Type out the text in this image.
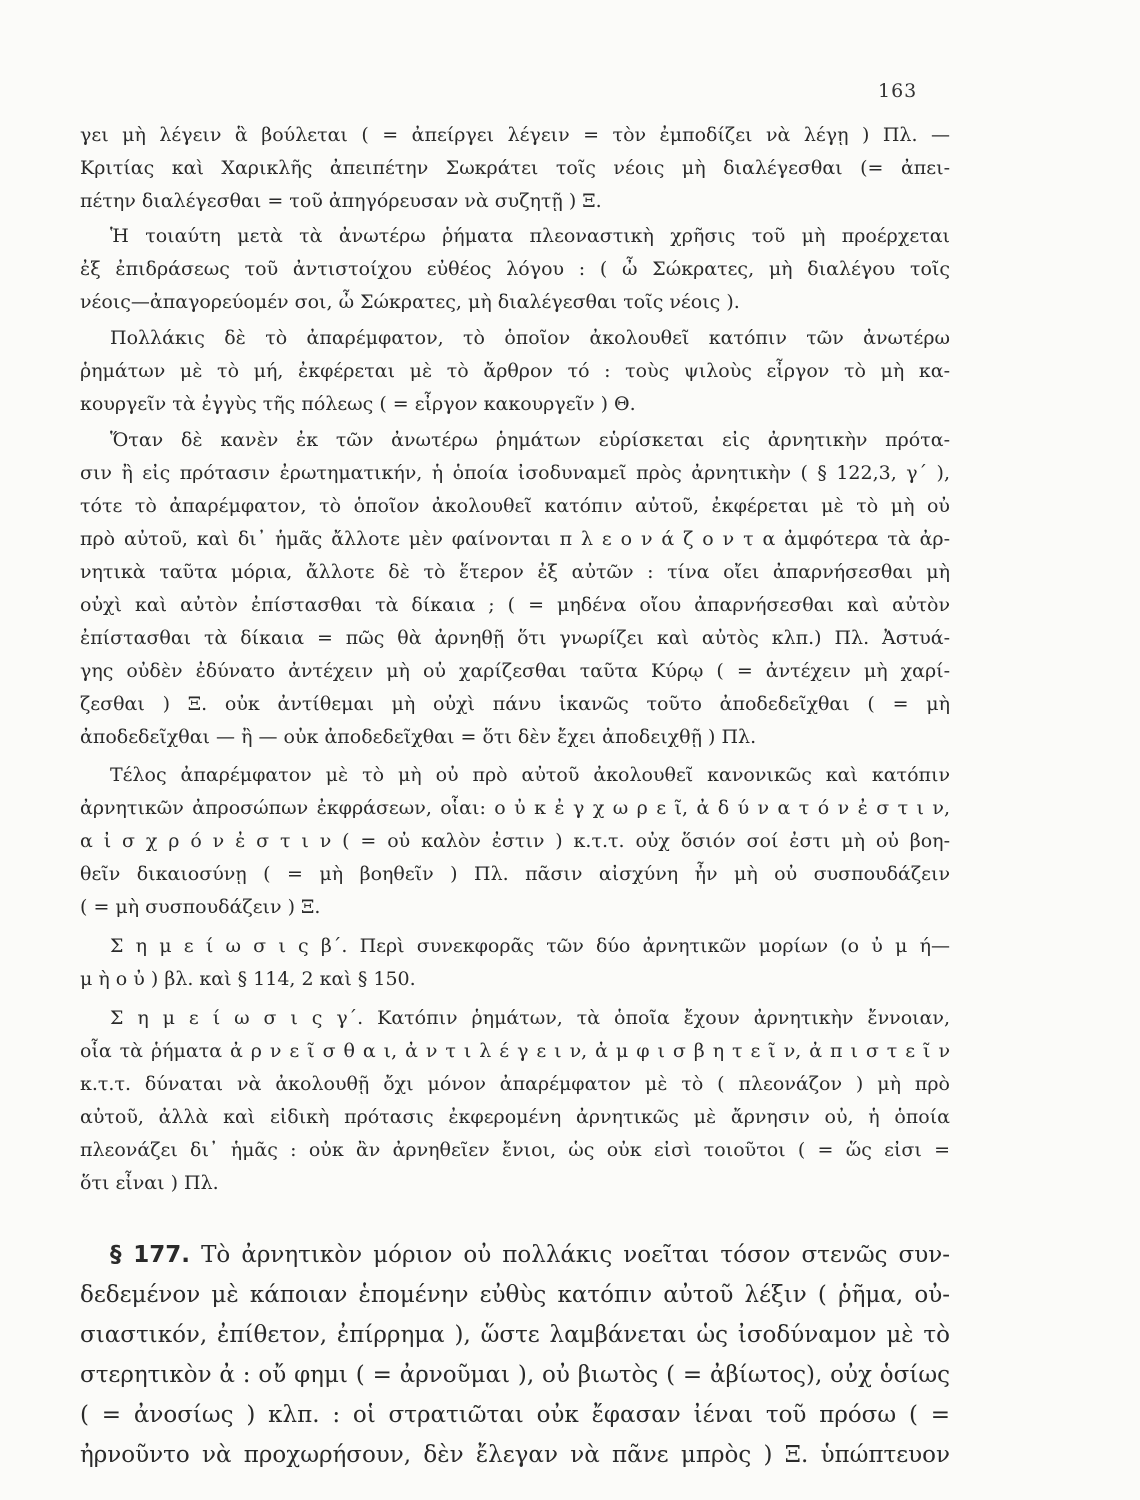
163
γει μὴ λέγειν ἃ βούλεται ( = ἀπείργει λέγειν = τὸν ἐμποδίζει νὰ λέγῃ ) Πλ. —
Κριτίας καὶ Χαρικλῆς ἀπειπέτην Σωκράτει τοῖς νέοις μὴ διαλέγεσθαι (= ἀπει-
πέτην διαλέγεσθαι = τοῦ ἀπηγόρευσαν νὰ συζητῇ ) Ξ.
Ἡ τοιαύτη μετὰ τὰ ἀνωτέρω ῥήματα πλεοναστικὴ χρῆσις τοῦ μὴ προέρχεται
ἐξ ἐπιδράσεως τοῦ ἀντιστοίχου εὐθέος λόγου : ( ὦ Σώκρατες, μὴ διαλέγου τοῖς
νέοις—ἀπαγορεύομέν σοι, ὦ Σώκρατες, μὴ διαλέγεσθαι τοῖς νέοις ).
Πολλάκις δὲ τὸ ἀπαρέμφατον, τὸ ὁποῖον ἀκολουθεῖ κατόπιν τῶν ἀνωτέρω
ῥημάτων μὲ τὸ μή, ἐκφέρεται μὲ τὸ ἄρθρον τό : τοὺς ψιλοὺς εἶργον τὸ μὴ κα-
κουργεῖν τὰ ἐγγὺς τῆς πόλεως ( = εἶργον κακουργεῖν ) Θ.
Ὅταν δὲ κανὲν ἐκ τῶν ἀνωτέρω ῥημάτων εὑρίσκεται εἰς ἀρνητικὴν πρότα-
σιν ἢ εἰς πρότασιν ἐρωτηματικήν, ἡ ὁποία ἰσοδυναμεῖ πρὸς ἀρνητικὴν ( § 122,3, γ΄ ),
τότε τὸ ἀπαρέμφατον, τὸ ὁποῖον ἀκολουθεῖ κατόπιν αὐτοῦ, ἐκφέρεται μὲ τὸ μὴ οὐ
πρὸ αὐτοῦ, καὶ δι᾽ ἡμᾶς ἄλλοτε μὲν φαίνονται π λ ε ο ν ά ζ ο ν τ α ἀμφότερα τὰ ἀρ-
νητικὰ ταῦτα μόρια, ἄλλοτε δὲ τὸ ἕτερον ἐξ αὐτῶν : τίνα οἴει ἀπαρνήσεσθαι μὴ
οὐχὶ καὶ αὐτὸν ἐπίστασθαι τὰ δίκαια ; ( = μηδένα οἴου ἀπαρνήσεσθαι καὶ αὐτὸν
ἐπίστασθαι τὰ δίκαια = πῶς θὰ ἀρνηθῇ ὅτι γνωρίζει καὶ αὐτὸς κλπ.) Πλ. Ἀστυά-
γης οὐδὲν ἐδύνατο ἀντέχειν μὴ οὐ χαρίζεσθαι ταῦτα Κύρῳ ( = ἀντέχειν μὴ χαρί-
ζεσθαι ) Ξ. οὐκ ἀντίθεμαι μὴ οὐχὶ πάνυ ἱκανῶς τοῦτο ἀποδεδεῖχθαι ( = μὴ
ἀποδεδεῖχθαι — ἢ — οὐκ ἀποδεδεῖχθαι = ὅτι δὲν ἔχει ἀποδειχθῇ ) Πλ.
Τέλος ἀπαρέμφατον μὲ τὸ μὴ οὐ πρὸ αὐτοῦ ἀκολουθεῖ κανονικῶς καὶ κατόπιν
ἀρνητικῶν ἀπροσώπων ἐκφράσεων, οἷαι: ο ὐ κ ἐ γ χ ω ρ ε ῖ, ἀ δ ύ ν α τ ό ν ἐ σ τ ι ν,
α ἰ σ χ ρ ό ν ἐ σ τ ι ν ( = οὐ καλὸν ἐστιν ) κ.τ.τ. οὐχ ὅσιόν σοί ἐστι μὴ οὐ βοη-
θεῖν δικαιοσύνῃ ( = μὴ βοηθεῖν ) Πλ. πᾶσιν αἰσχύνη ἦν μὴ οὐ συσπουδάζειν
( = μὴ συσπουδάζειν ) Ξ.
Σ η μ ε ί ω σ ι ς β΄. Περὶ συνεκφορᾶς τῶν δύο ἀρνητικῶν μορίων (ο ὐ μ ή—
μ ὴ ο ὐ ) βλ. καὶ § 114, 2 καὶ § 150.
Σ η μ ε ί ω σ ι ς γ΄. Κατόπιν ῥημάτων, τὰ ὁποῖα ἔχουν ἀρνητικὴν ἔννοιαν,
οἷα τὰ ῥήματα ἀ ρ ν ε ῖ σ θ α ι, ἀ ν τ ι λ έ γ ε ι ν, ἀ μ φ ι σ β η τ ε ῖ ν, ἀ π ι σ τ ε ῖ ν
κ.τ.τ. δύναται νὰ ἀκολουθῇ ὄχι μόνον ἀπαρέμφατον μὲ τὸ ( πλεονάζον ) μὴ πρὸ
αὐτοῦ, ἀλλὰ καὶ εἰδικὴ πρότασις ἐκφερομένη ἀρνητικῶς μὲ ἄρνησιν οὐ, ἡ ὁποία
πλεονάζει δι᾽ ἡμᾶς : οὐκ ἂν ἀρνηθεῖεν ἔνιοι, ὡς οὐκ εἰσὶ τοιοῦτοι ( = ὥς εἰσι =
ὅτι εἶναι ) Πλ.
§ 177. Τὸ ἀρνητικὸν μόριον οὐ πολλάκις νοεῖται τόσον στενῶς συν-
δεδεμένον μὲ κάποιαν ἑπομένην εὐθὺς κατόπιν αὐτοῦ λέξιν ( ῥῆμα, οὐ-
σιαστικόν, ἐπίθετον, ἐπίρρημα ), ὥστε λαμβάνεται ὡς ἰσοδύναμον μὲ τὸ
στερητικὸν ἀ : οὔ φημι ( = ἀρνοῦμαι ), οὐ βιωτὸς ( = ἀβίωτος), οὐχ ὁσίως
( = ἀνοσίως ) κλπ. : οἱ στρατιῶται οὐκ ἔφασαν ἰέναι τοῦ πρόσω ( =
ἠρνοῦντο νὰ προχωρήσουν, δὲν ἔλεγαν νὰ πᾶνε μπρὸς ) Ξ. ὑπώπτευον
